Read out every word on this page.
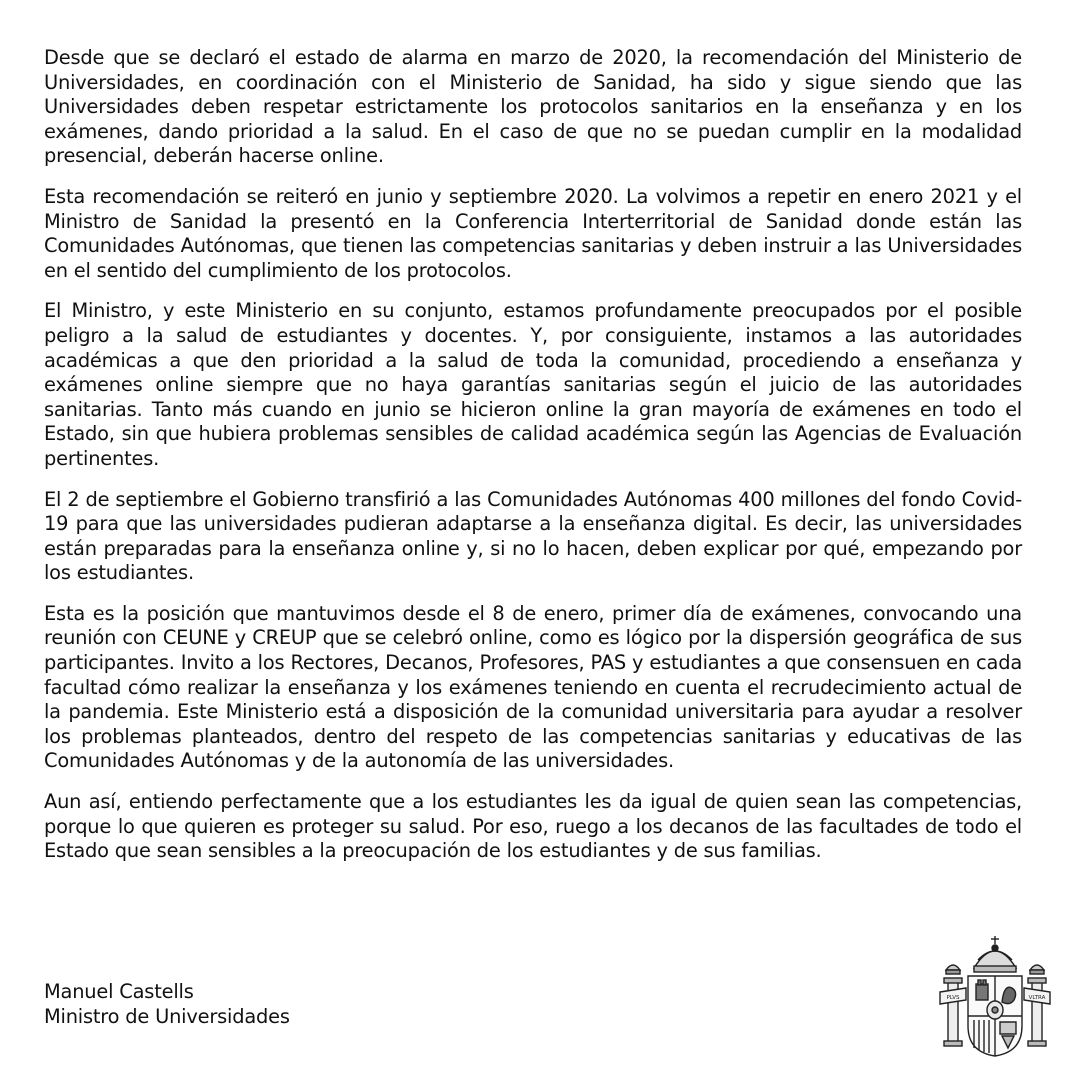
Desde que se declaró el estado de alarma en marzo de 2020, la recomendación del Ministerio de Universidades, en coordinación con el Ministerio de Sanidad, ha sido y sigue siendo que las Universidades deben respetar estrictamente los protocolos sanitarios en la enseñanza y en los exámenes, dando prioridad a la salud. En el caso de que no se puedan cumplir en la modalidad presencial, deberán hacerse online.

Esta recomendación se reiteró en junio y septiembre 2020. La volvimos a repetir en enero 2021 y el Ministro de Sanidad la presentó en la Conferencia Interterritorial de Sanidad donde están las Comunidades Autónomas, que tienen las competencias sanitarias y deben instruir a las Universidades en el sentido del cumplimiento de los protocolos.

El Ministro, y este Ministerio en su conjunto, estamos profundamente preocupados por el posible peligro a la salud de estudiantes y docentes. Y, por consiguiente, instamos a las autoridades académicas a que den prioridad a la salud de toda la comunidad, procediendo a enseñanza y exámenes online siempre que no haya garantías sanitarias según el juicio de las autoridades sanitarias. Tanto más cuando en junio se hicieron online la gran mayoría de exámenes en todo el Estado, sin que hubiera problemas sensibles de calidad académica según las Agencias de Evaluación pertinentes.

El 2 de septiembre el Gobierno transfirió a las Comunidades Autónomas 400 millones del fondo Covid-19 para que las universidades pudieran adaptarse a la enseñanza digital. Es decir, las universidades están preparadas para la enseñanza online y, si no lo hacen, deben explicar por qué, empezando por los estudiantes.

Esta es la posición que mantuvimos desde el 8 de enero, primer día de exámenes, convocando una reunión con CEUNE y CREUP que se celebró online, como es lógico por la dispersión geográfica de sus participantes. Invito a los Rectores, Decanos, Profesores, PAS y estudiantes a que consensuen en cada facultad cómo realizar la enseñanza y los exámenes teniendo en cuenta el recrudecimiento actual de la pandemia. Este Ministerio está a disposición de la comunidad universitaria para ayudar a resolver los problemas planteados, dentro del respeto de las competencias sanitarias y educativas de las Comunidades Autónomas y de la autonomía de las universidades.

Aun así, entiendo perfectamente que a los estudiantes les da igual de quien sean las competencias, porque lo que quieren es proteger su salud. Por eso, ruego a los decanos de las facultades de todo el Estado que sean sensibles a la preocupación de los estudiantes y de sus familias.

Manuel Castells
Ministro de Universidades
PLVS	VLTRA
